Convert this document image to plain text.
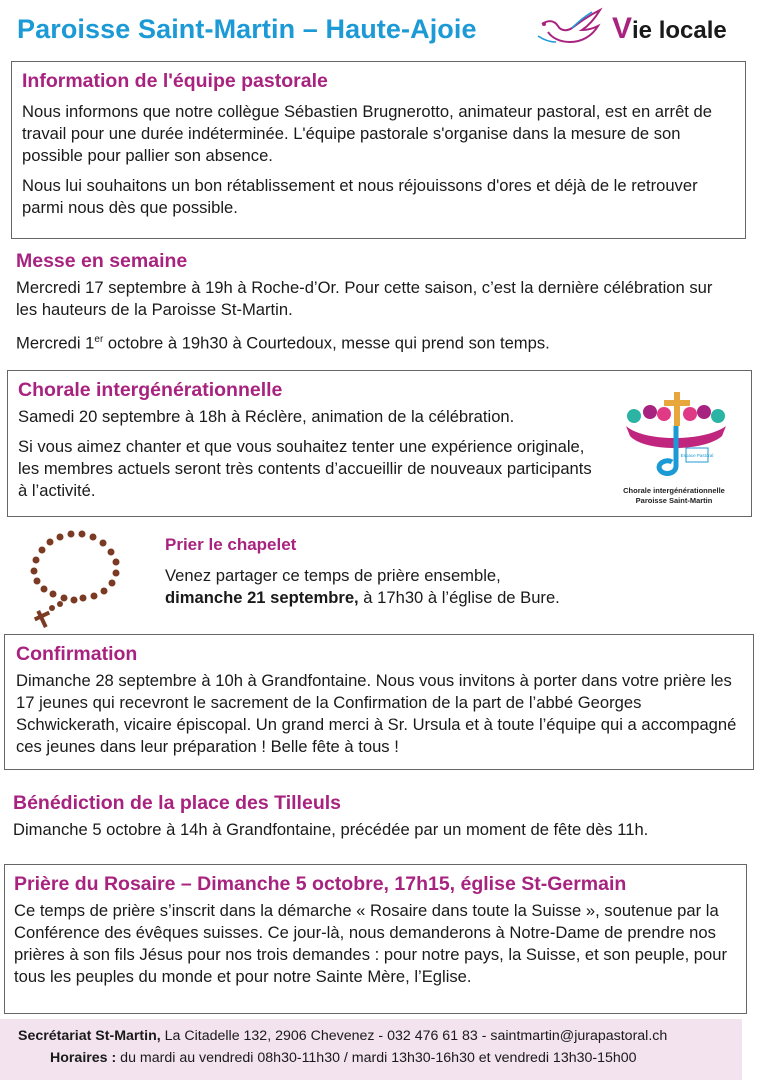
Paroisse Saint-Martin – Haute-Ajoie	Vie locale
Information de l'équipe pastorale

Nous informons que notre collègue Sébastien Brugnerotto, animateur pastoral, est en arrêt de travail pour une durée indéterminée. L'équipe pastorale s'organise dans la mesure de son possible pour pallier son absence.

Nous lui souhaitons un bon rétablissement et nous réjouissons d'ores et déjà de le retrouver parmi nous dès que possible.

Messe en semaine

Mercredi 17 septembre à 19h à Roche-d’Or. Pour cette saison, c’est la dernière célébration sur les hauteurs de la Paroisse St-Martin.

Mercredi 1er octobre à 19h30 à Courtedoux, messe qui prend son temps.

Chorale intergénérationnelle

Samedi 20 septembre à 18h à Réclère, animation de la célébration.

Si vous aimez chanter et que vous souhaitez tenter une expérience originale, les membres actuels seront très contents d’accueillir de nouveaux participants à l’activité.

Espace Pastoral
Chorale intergénérationnelle
Paroisse Saint-Martin
Prier le chapelet

Venez partager ce temps de prière ensemble,

dimanche 21 septembre, à 17h30 à l’église de Bure.

Confirmation

Dimanche 28 septembre à 10h à Grandfontaine. Nous vous invitons à porter dans votre prière les 17 jeunes qui recevront le sacrement de la Confirmation de la part de l’abbé Georges Schwickerath, vicaire épiscopal. Un grand merci à Sr. Ursula et à toute l’équipe qui a accompagné ces jeunes dans leur préparation ! Belle fête à tous !

Bénédiction de la place des Tilleuls

Dimanche 5 octobre à 14h à Grandfontaine, précédée par un moment de fête dès 11h.

Prière du Rosaire – Dimanche 5 octobre, 17h15, église St-Germain

Ce temps de prière s’inscrit dans la démarche « Rosaire dans toute la Suisse », soutenue par la Conférence des évêques suisses. Ce jour-là, nous demanderons à Notre-Dame de prendre nos prières à son fils Jésus pour nos trois demandes : pour notre pays, la Suisse, et son peuple, pour tous les peuples du monde et pour notre Sainte Mère, l’Eglise.

Secrétariat St-Martin, La Citadelle 132, 2906 Chevenez - 032 476 61 83 - saintmartin@jurapastoral.ch
Horaires : du mardi au vendredi 08h30-11h30 / mardi 13h30-16h30 et vendredi 13h30-15h00
